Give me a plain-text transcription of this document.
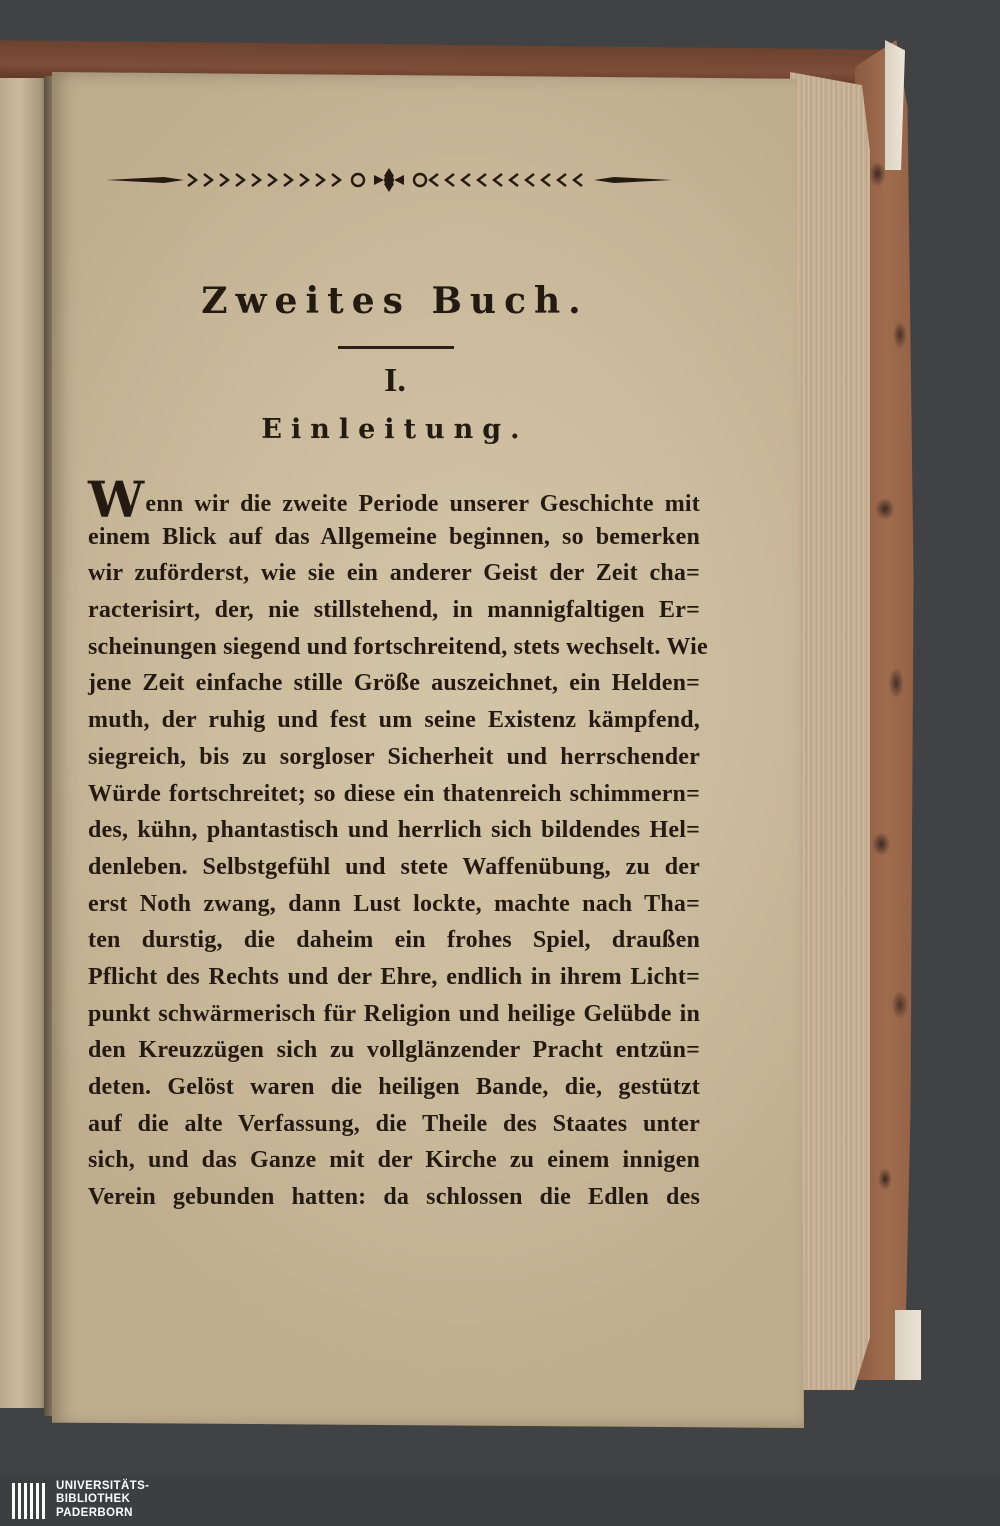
Zweites Buch.
I.
Einleitung.
Wenn wir die zweite Periode unserer Geschichte mit
einem Blick auf das Allgemeine beginnen, so bemerken
wir zuförderst, wie sie ein anderer Geist der Zeit cha=
racterisirt, der, nie stillstehend, in mannigfaltigen Er=
scheinungen siegend und fortschreitend, stets wechselt. Wie
jene Zeit einfache stille Größe auszeichnet, ein Helden=
muth, der ruhig und fest um seine Existenz kämpfend,
siegreich, bis zu sorgloser Sicherheit und herrschender
Würde fortschreitet; so diese ein thatenreich schimmern=
des, kühn, phantastisch und herrlich sich bildendes Hel=
denleben. Selbstgefühl und stete Waffenübung, zu der
erst Noth zwang, dann Lust lockte, machte nach Tha=
ten durstig, die daheim ein frohes Spiel, draußen
Pflicht des Rechts und der Ehre, endlich in ihrem Licht=
punkt schwärmerisch für Religion und heilige Gelübde in
den Kreuzzügen sich zu vollglänzender Pracht entzün=
deten. Gelöst waren die heiligen Bande, die, gestützt
auf die alte Verfassung, die Theile des Staates unter
sich, und das Ganze mit der Kirche zu einem innigen
Verein gebunden hatten: da schlossen die Edlen des
UNIVERSITÄTS-
BIBLIOTHEK
PADERBORN
